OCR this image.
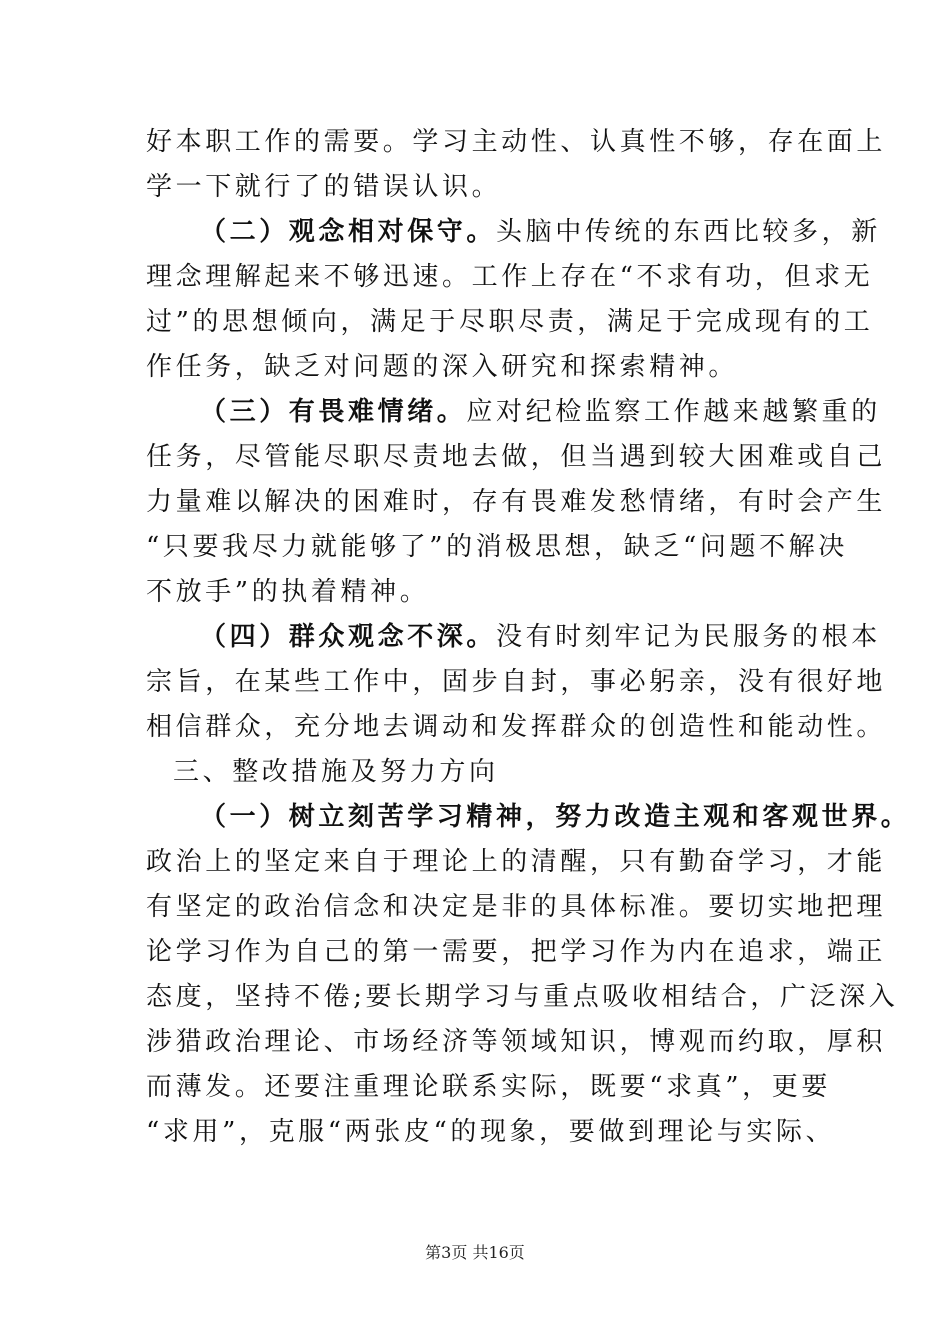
好本职工作的需要。学习主动性、认真性不够，存在面上
学一下就行了的错误认识。
（二）观念相对保守。头脑中传统的东西比较多，新
理念理解起来不够迅速。工作上存在“不求有功，但求无
过”的思想倾向，满足于尽职尽责，满足于完成现有的工
作任务，缺乏对问题的深入研究和探索精神。
（三）有畏难情绪。应对纪检监察工作越来越繁重的
任务，尽管能尽职尽责地去做，但当遇到较大困难或自己
力量难以解决的困难时，存有畏难发愁情绪，有时会产生
“只要我尽力就能够了”的消极思想，缺乏“问题不解决
不放手”的执着精神。
（四）群众观念不深。没有时刻牢记为民服务的根本
宗旨，在某些工作中，固步自封，事必躬亲，没有很好地
相信群众，充分地去调动和发挥群众的创造性和能动性。
三、整改措施及努力方向
（一）树立刻苦学习精神，努力改造主观和客观世界。
政治上的坚定来自于理论上的清醒，只有勤奋学习，才能
有坚定的政治信念和决定是非的具体标准。要切实地把理
论学习作为自己的第一需要，把学习作为内在追求，端正
态度，坚持不倦;要长期学习与重点吸收相结合，广泛深入
涉猎政治理论、市场经济等领域知识，博观而约取，厚积
而薄发。还要注重理论联系实际，既要“求真”，更要
“求用”，克服“两张皮“的现象，要做到理论与实际、
第3页 共16页
